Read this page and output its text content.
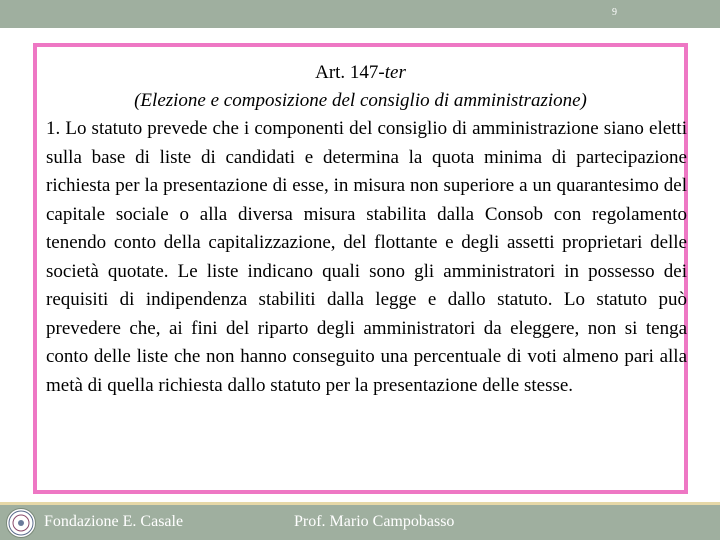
9
Art. 147-ter
(Elezione e composizione del consiglio di amministrazione)
1. Lo statuto prevede che i componenti del consiglio di amministrazione siano eletti sulla base di liste di candidati e determina la quota minima di partecipazione richiesta per la presentazione di esse, in misura non superiore a un quarantesimo del capitale sociale o alla diversa misura stabilita dalla Consob con regolamento tenendo conto della capitalizzazione, del flottante e degli assetti proprietari delle società quotate. Le liste indicano quali sono gli amministratori in possesso dei requisiti di indipendenza stabiliti dalla legge e dallo statuto. Lo statuto può prevedere che, ai fini del riparto degli amministratori da eleggere, non si tenga conto delle liste che non hanno conseguito una percentuale di voti almeno pari alla metà di quella richiesta dallo statuto per la presentazione delle stesse.
Fondazione E. Casale	Prof. Mario Campobasso
